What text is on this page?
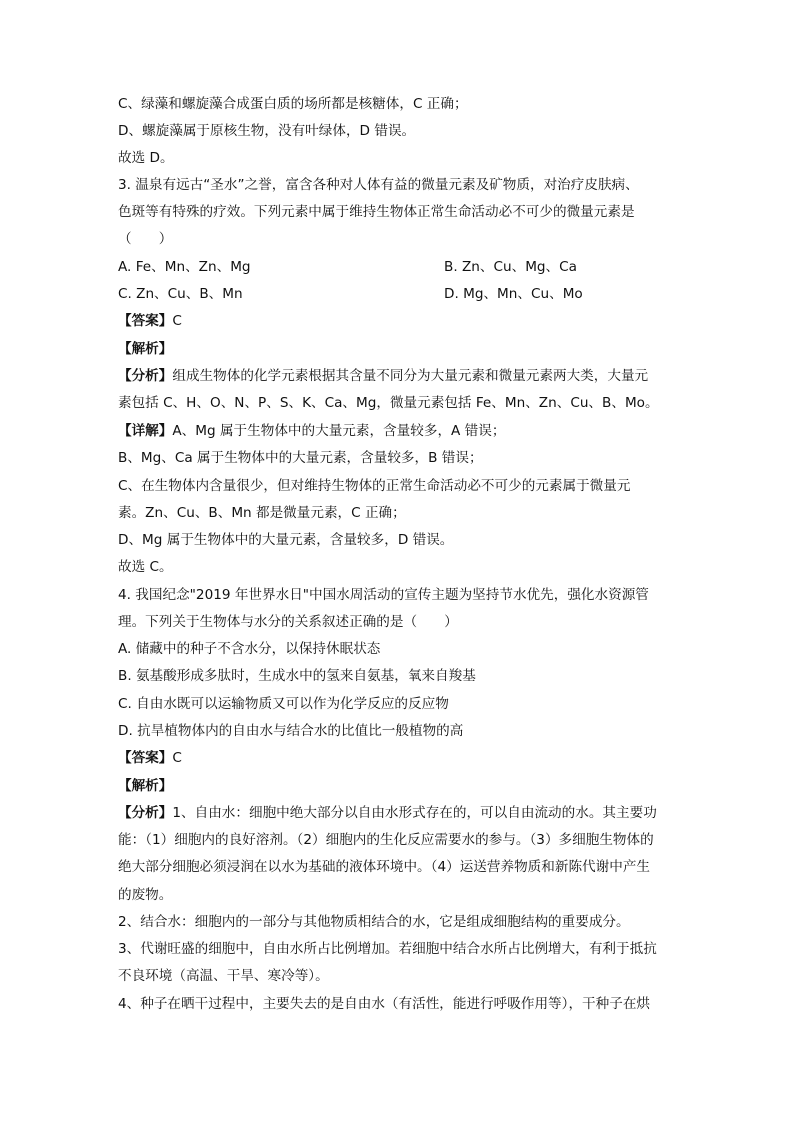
C、绿藻和螺旋藻合成蛋白质的场所都是核糖体，C 正确；
D、螺旋藻属于原核生物，没有叶绿体，D 错误。
故选 D。
3. 温泉有远古“圣水”之誉，富含各种对人体有益的微量元素及矿物质，对治疗皮肤病、
色斑等有特殊的疗效。下列元素中属于维持生物体正常生命活动必不可少的微量元素是
（　　）
A. Fe、Mn、Zn、Mg	B. Zn、Cu、Mg、Ca
C. Zn、Cu、B、Mn	D. Mg、Mn、Cu、Mo
【答案】C
【解析】
【分析】组成生物体的化学元素根据其含量不同分为大量元素和微量元素两大类，大量元
素包括 C、H、O、N、P、S、K、Ca、Mg，微量元素包括 Fe、Mn、Zn、Cu、B、Mo。
【详解】A、Mg 属于生物体中的大量元素，含量较多，A 错误；
B、Mg、Ca 属于生物体中的大量元素，含量较多，B 错误；
C、在生物体内含量很少，但对维持生物体的正常生命活动必不可少的元素属于微量元
素。Zn、Cu、B、Mn 都是微量元素，C 正确；
D、Mg 属于生物体中的大量元素，含量较多，D 错误。
故选 C。
4. 我国纪念"2019 年世界水日"中国水周活动的宣传主题为坚持节水优先，强化水资源管
理。下列关于生物体与水分的关系叙述正确的是（　　）
A. 储藏中的种子不含水分，以保持休眠状态
B. 氨基酸形成多肽时，生成水中的氢来自氨基，氧来自羧基
C. 自由水既可以运输物质又可以作为化学反应的反应物
D. 抗旱植物体内的自由水与结合水的比值比一般植物的高
【答案】C
【解析】
【分析】1、自由水：细胞中绝大部分以自由水形式存在的，可以自由流动的水。其主要功
能：（1）细胞内的良好溶剂。（2）细胞内的生化反应需要水的参与。（3）多细胞生物体的
绝大部分细胞必须浸润在以水为基础的液体环境中。（4）运送营养物质和新陈代谢中产生
的废物。
2、结合水：细胞内的一部分与其他物质相结合的水，它是组成细胞结构的重要成分。
3、代谢旺盛的细胞中，自由水所占比例增加。若细胞中结合水所占比例增大，有利于抵抗
不良环境（高温、干旱、寒冷等）。
4、种子在晒干过程中，主要失去的是自由水（有活性，能进行呼吸作用等），干种子在烘
